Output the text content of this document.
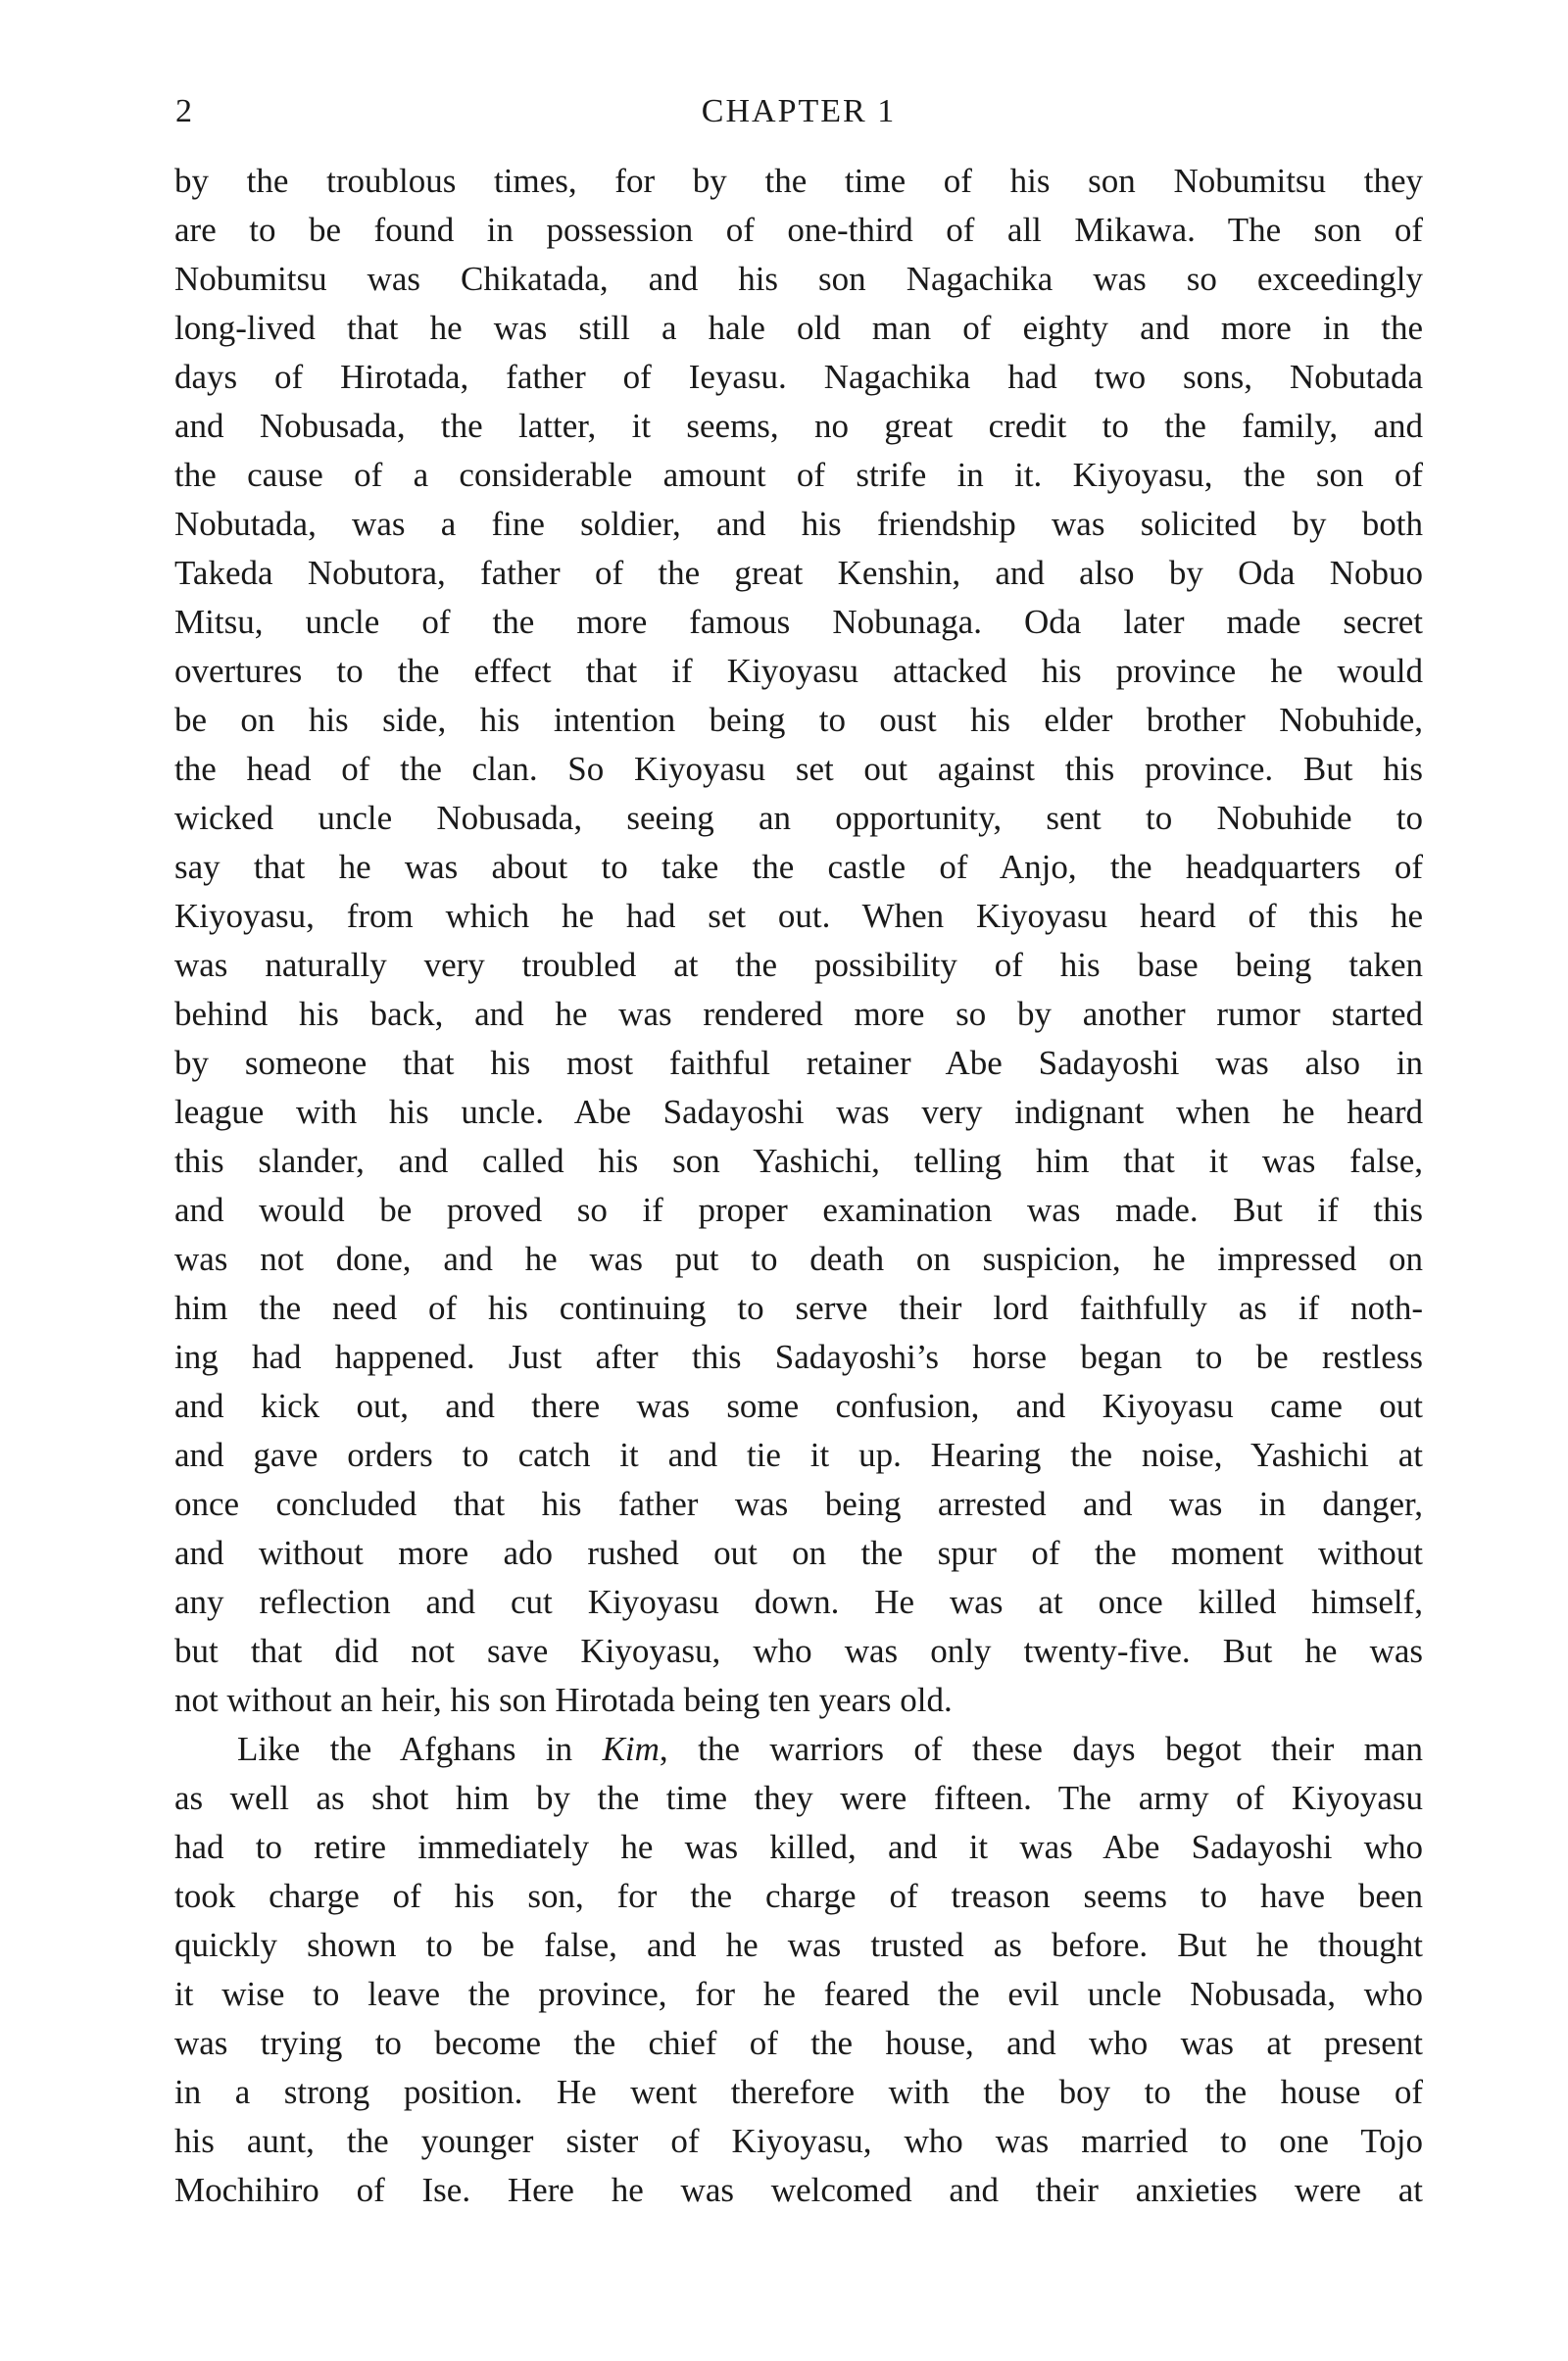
2	CHAPTER 1
by the troublous times, for by the time of his son Nobumitsu they
are to be found in possession of one-third of all Mikawa. The son of
Nobumitsu was Chikatada, and his son Nagachika was so exceedingly
long-lived that he was still a hale old man of eighty and more in the
days of Hirotada, father of Ieyasu. Nagachika had two sons, Nobutada
and Nobusada, the latter, it seems, no great credit to the family, and
the cause of a considerable amount of strife in it. Kiyoyasu, the son of
Nobutada, was a fine soldier, and his friendship was solicited by both
Takeda Nobutora, father of the great Kenshin, and also by Oda Nobuo
Mitsu, uncle of the more famous Nobunaga. Oda later made secret
overtures to the effect that if Kiyoyasu attacked his province he would
be on his side, his intention being to oust his elder brother Nobuhide,
the head of the clan. So Kiyoyasu set out against this province. But his
wicked uncle Nobusada, seeing an opportunity, sent to Nobuhide to
say that he was about to take the castle of Anjo, the headquarters of
Kiyoyasu, from which he had set out. When Kiyoyasu heard of this he
was naturally very troubled at the possibility of his base being taken
behind his back, and he was rendered more so by another rumor started
by someone that his most faithful retainer Abe Sadayoshi was also in
league with his uncle. Abe Sadayoshi was very indignant when he heard
this slander, and called his son Yashichi, telling him that it was false,
and would be proved so if proper examination was made. But if this
was not done, and he was put to death on suspicion, he impressed on
him the need of his continuing to serve their lord faithfully as if noth-
ing had happened. Just after this Sadayoshi’s horse began to be restless
and kick out, and there was some confusion, and Kiyoyasu came out
and gave orders to catch it and tie it up. Hearing the noise, Yashichi at
once concluded that his father was being arrested and was in danger,
and without more ado rushed out on the spur of the moment without
any reflection and cut Kiyoyasu down. He was at once killed himself,
but that did not save Kiyoyasu, who was only twenty-five. But he was
not without an heir, his son Hirotada being ten years old.
Like the Afghans in Kim, the warriors of these days begot their man
as well as shot him by the time they were fifteen. The army of Kiyoyasu
had to retire immediately he was killed, and it was Abe Sadayoshi who
took charge of his son, for the charge of treason seems to have been
quickly shown to be false, and he was trusted as before. But he thought
it wise to leave the province, for he feared the evil uncle Nobusada, who
was trying to become the chief of the house, and who was at present
in a strong position. He went therefore with the boy to the house of
his aunt, the younger sister of Kiyoyasu, who was married to one Tojo
Mochihiro of Ise. Here he was welcomed and their anxieties were at
